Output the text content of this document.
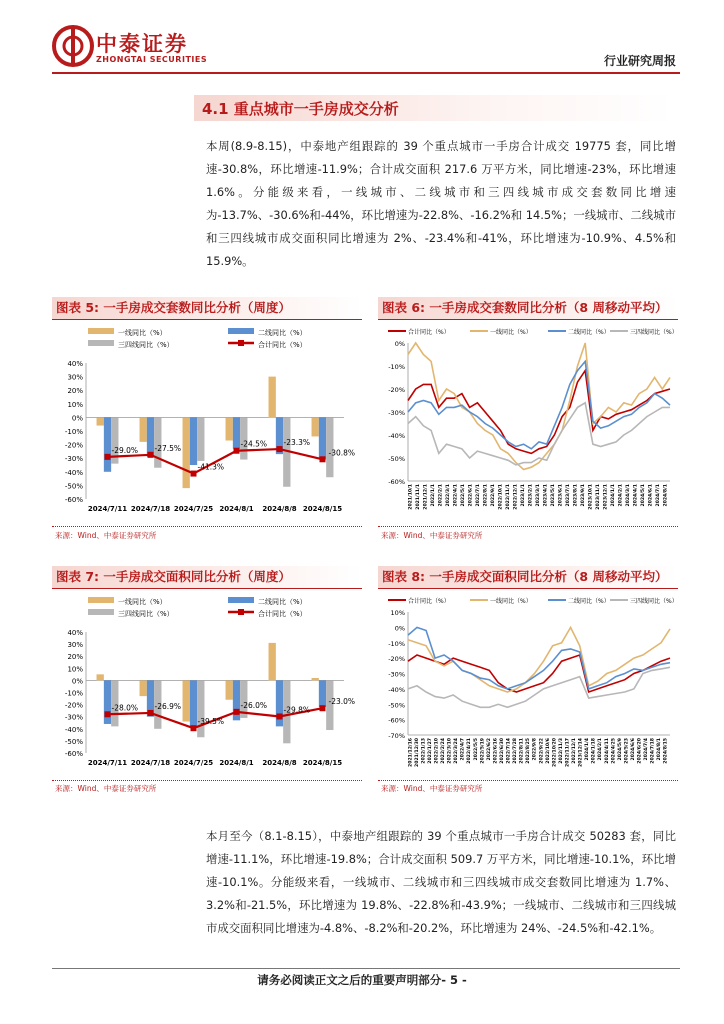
中泰证券
ZHONGTAI SECURITIES	行业研究周报
4.1 重点城市一手房成交分析
本周(8.9-8.15)，中泰地产组跟踪的 39 个重点城市一手房合计成交 19775 套，同比增速-30.8%，环比增速-11.9%；合计成交面积 217.6 万平方米，同比增速-23%，环比增速 1.6%。分能级来看，一线城市、二线城市和三四线城市成交套数同比增速为-13.7%、-30.6%和-44%，环比增速为-22.8%、-16.2%和 14.5%；一线城市、二线城市和三四线城市成交面积同比增速为 2%、-23.4%和-41%，环比增速为-10.9%、4.5%和 15.9%。
图表 5: 一手房成交套数同比分析（周度）
一线同比（%）	二线同比（%）
三四线同比（%）	合计同比（%）
40%
30%
20%
10%
0%
-10%
-20%
-30%
-40%
-50%
-60%
2024/7/11 2024/7/18 2024/7/25 2024/8/1 2024/8/8 2024/8/15
-29.0% -27.5%
-41.3%
-24.5% -23.3%
-30.8%
来源：Wind、中泰证券研究所
图表 6: 一手房成交套数同比分析（8 周移动平均）
合计同比（%）	一线同比（%）	二线同比（%）	三四线同比（%）
0%
-10%
-20%
-30%
-40%
-50%
-60%
2021/10/1 2021/11/1 2021/12/1 2022/1/1 2022/2/1 2022/3/1 2022/4/1 2022/5/1 2022/6/1 2022/7/1 2022/8/1 2022/9/1 2022/10/1 2022/11/1 2022/12/1 2023/1/1 2023/2/1 2023/3/1 2023/4/1 2023/5/1 2023/6/1 2023/7/1 2023/8/1 2023/9/1 2023/10/1 2023/11/1 2023/12/1 2024/1/1 2024/2/1 2024/3/1 2024/4/1 2024/5/1 2024/6/1 2024/7/1 2024/8/1
来源：Wind、中泰证券研究所
图表 7: 一手房成交面积同比分析（周度）
一线同比（%）	二线同比（%）
三四线同比（%）	合计同比（%）
40%
30%
20%
10%
0%
-10%
-20%
-30%
-40%
-50%
-60%
2024/7/11 2024/7/18 2024/7/25 2024/8/1 2024/8/8 2024/8/15
-28.0% -26.9%
-39.5%
-26.0%
-29.8%
-23.0%
来源：Wind、中泰证券研究所
图表 8: 一手房成交面积同比分析（8 周移动平均）
合计同比（%）	一线同比（%）	二线同比（%）	三四线同比（%）
10%
0%
-10%
-20%
-30%
-40%
-50%
-60%
-70%
2021/12/16 2021/12/30 2022/1/13 2022/1/27 2022/2/10 2022/2/24 2022/3/10 2022/3/24 2022/4/7 2022/4/21 2022/5/5 2022/5/19 2022/6/2 2022/6/16 2022/6/30 2022/7/14 2022/7/28 2022/8/11 2022/8/25 2022/9/8 2022/9/22 2022/10/6 2022/10/20 2022/11/3 2022/11/17 2022/12/1 2023/12/14 2024/1/4 2024/1/18 2024/2/1 2024/4/11 2024/4/25 2024/5/9 2024/5/23 2024/6/6 2024/6/20 2024/7/4 2024/7/18 2024/8/1 2024/8/15
来源：Wind、中泰证券研究所
本月至今（8.1-8.15），中泰地产组跟踪的 39 个重点城市一手房合计成交 50283 套，同比增速-11.1%，环比增速-19.8%；合计成交面积 509.7 万平方米，同比增速-10.1%，环比增速-10.1%。分能级来看，一线城市、二线城市和三四线城市成交套数同比增速为 1.7%、3.2%和-21.5%，环比增速为 19.8%、-22.8%和-43.9%；一线城市、二线城市和三四线城市成交面积同比增速为-4.8%、-8.2%和-20.2%，环比增速为 24%、-24.5%和-42.1%。
请务必阅读正文之后的重要声明部分- 5 -
